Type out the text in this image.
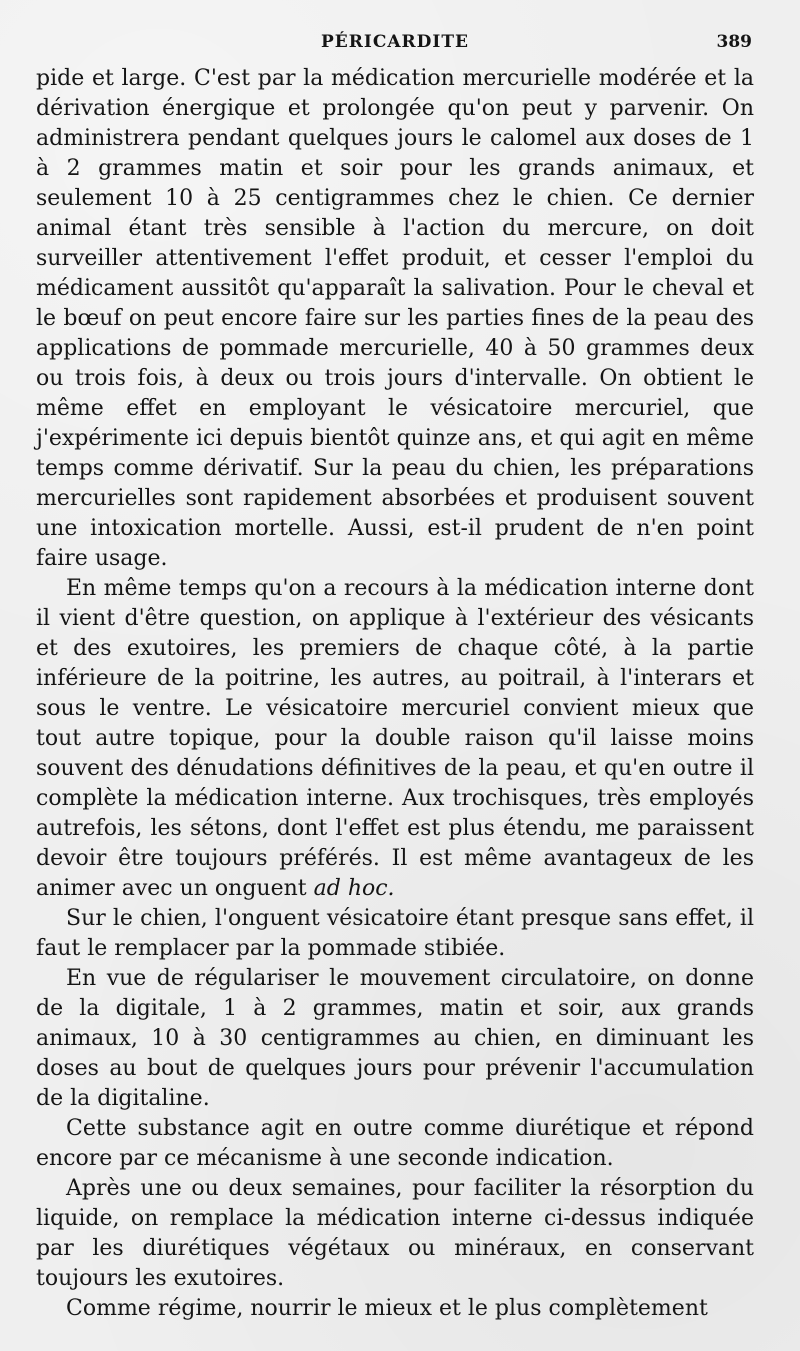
PÉRICARDITE	389

pide et large. C'est par la médication mercurielle modérée et la dérivation énergique et prolongée qu'on peut y parvenir. On administrera pendant quelques jours le calomel aux doses de 1 à 2 grammes matin et soir pour les grands animaux, et seulement 10 à 25 centigrammes chez le chien. Ce dernier animal étant très sensible à l'action du mercure, on doit surveiller attentivement l'effet produit, et cesser l'emploi du médicament aussitôt qu'apparaît la salivation. Pour le cheval et le bœuf on peut encore faire sur les parties fines de la peau des applications de pommade mercurielle, 40 à 50 grammes deux ou trois fois, à deux ou trois jours d'intervalle. On obtient le même effet en employant le vésicatoire mercuriel, que j'expérimente ici depuis bientôt quinze ans, et qui agit en même temps comme dérivatif. Sur la peau du chien, les préparations mercurielles sont rapidement absorbées et produisent souvent une intoxication mortelle. Aussi, est-il prudent de n'en point faire usage.

En même temps qu'on a recours à la médication interne dont il vient d'être question, on applique à l'extérieur des vésicants et des exutoires, les premiers de chaque côté, à la partie inférieure de la poitrine, les autres, au poitrail, à l'interars et sous le ventre. Le vésicatoire mercuriel convient mieux que tout autre topique, pour la double raison qu'il laisse moins souvent des dénudations définitives de la peau, et qu'en outre il complète la médication interne. Aux trochisques, très employés autrefois, les sétons, dont l'effet est plus étendu, me paraissent devoir être toujours préférés. Il est même avantageux de les animer avec un onguent ad hoc.

Sur le chien, l'onguent vésicatoire étant presque sans effet, il faut le remplacer par la pommade stibiée.

En vue de régulariser le mouvement circulatoire, on donne de la digitale, 1 à 2 grammes, matin et soir, aux grands animaux, 10 à 30 centigrammes au chien, en diminuant les doses au bout de quelques jours pour prévenir l'accumulation de la digitaline.

Cette substance agit en outre comme diurétique et répond encore par ce mécanisme à une seconde indication.

Après une ou deux semaines, pour faciliter la résorption du liquide, on remplace la médication interne ci-dessus indiquée par les diurétiques végétaux ou minéraux, en conservant toujours les exutoires.

Comme régime, nourrir le mieux et le plus complètement
